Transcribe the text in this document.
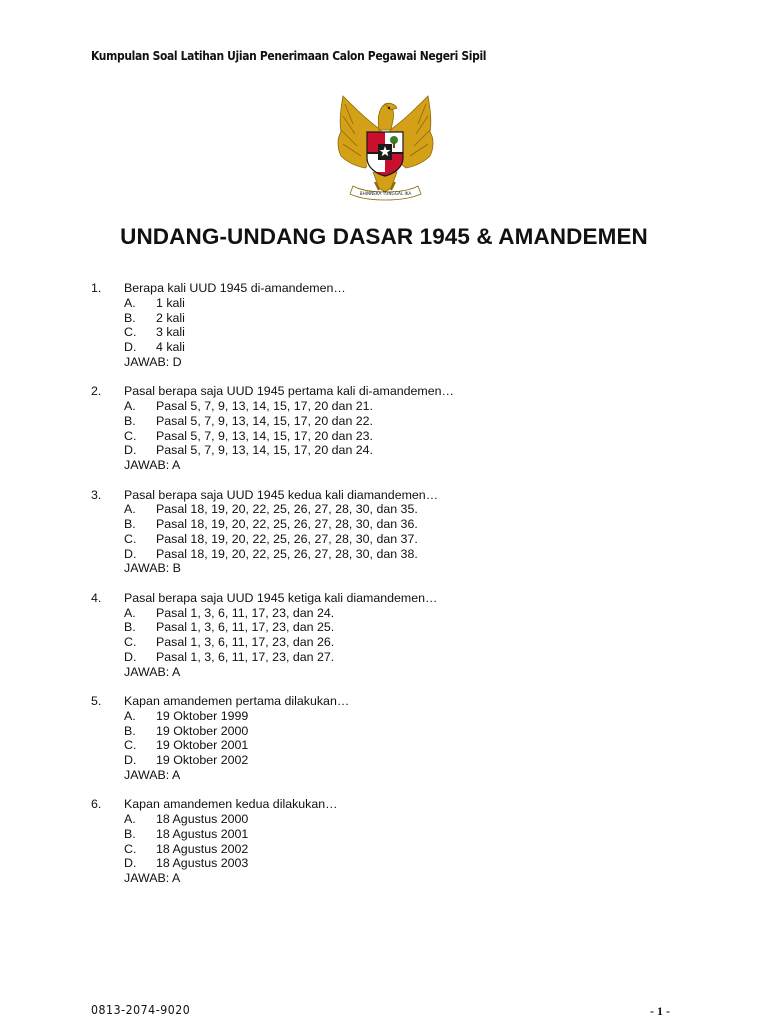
Kumpulan Soal Latihan Ujian Penerimaan Calon Pegawai Negeri Sipil
BHINNEKA TUNGGAL IKA
UNDANG-UNDANG DASAR 1945 & AMANDEMEN
1. Berapa kali UUD 1945 di-amandemen…
A. 1 kali
B. 2 kali
C. 3 kali
D. 4 kali
JAWAB: D
2. Pasal berapa saja UUD 1945 pertama kali di-amandemen…
A. Pasal 5, 7, 9, 13, 14, 15, 17, 20 dan 21.
B. Pasal 5, 7, 9, 13, 14, 15, 17, 20 dan 22.
C. Pasal 5, 7, 9, 13, 14, 15, 17, 20 dan 23.
D. Pasal 5, 7, 9, 13, 14, 15, 17, 20 dan 24.
JAWAB: A
3. Pasal berapa saja UUD 1945 kedua kali diamandemen…
A. Pasal 18, 19, 20, 22, 25, 26, 27, 28, 30, dan 35.
B. Pasal 18, 19, 20, 22, 25, 26, 27, 28, 30, dan 36.
C. Pasal 18, 19, 20, 22, 25, 26, 27, 28, 30, dan 37.
D. Pasal 18, 19, 20, 22, 25, 26, 27, 28, 30, dan 38.
JAWAB: B
4. Pasal berapa saja UUD 1945 ketiga kali diamandemen…
A. Pasal 1, 3, 6, 11, 17, 23, dan 24.
B. Pasal 1, 3, 6, 11, 17, 23, dan 25.
C. Pasal 1, 3, 6, 11, 17, 23, dan 26.
D. Pasal 1, 3, 6, 11, 17, 23, dan 27.
JAWAB: A
5. Kapan amandemen pertama dilakukan…
A. 19 Oktober 1999
B. 19 Oktober 2000
C. 19 Oktober 2001
D. 19 Oktober 2002
JAWAB: A
6. Kapan amandemen kedua dilakukan…
A. 18 Agustus 2000
B. 18 Agustus 2001
C. 18 Agustus 2002
D. 18 Agustus 2003
JAWAB: A
0813-2074-9020	- 1 -
